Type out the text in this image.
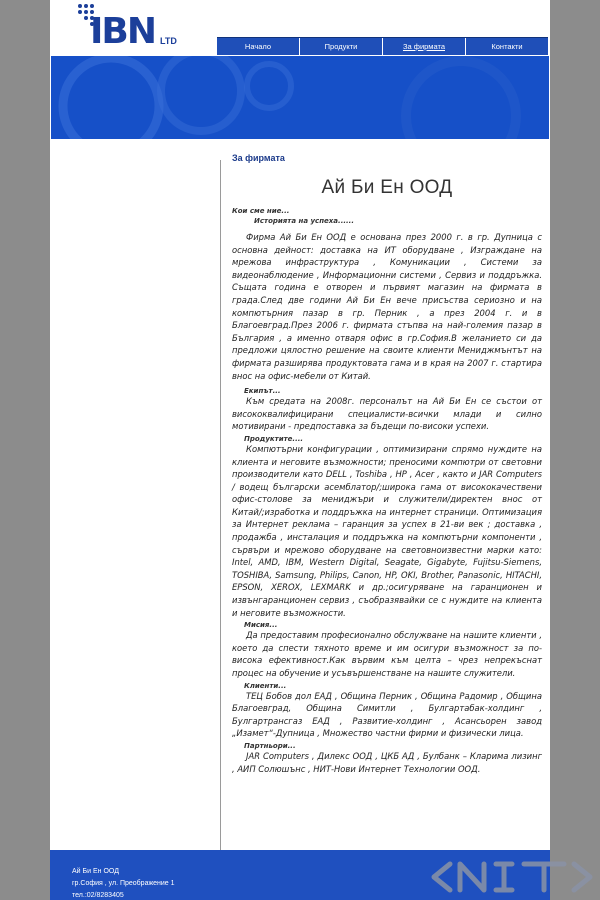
IBN LTD
Начало	Продукти	За фирмата	Контакти
За фирмата
Ай Би Ен ООД
Кои сме ние...
Историята на успеха......

Фирма Ай Би Ен ООД е основана през 2000 г. в гр. Дупница с основна дейност: доставка на ИТ оборудване , Изграждане на мрежова инфраструктура , Комуникации , Системи за видеонаблюдение , Информационни системи , Сервиз и поддръжка. Същата година е отворен и първият магазин на фирмата в града.След две години Ай Би Ен вече присъства сериозно и на компютърния пазар в гр. Перник , а през 2004 г. и в Благоевград.През 2006 г. фирмата стъпва на най-големия пазар в България , а именно отваря офис в гр.София.В желанието си да предложи цялостно решение на своите клиенти Мениджмънтът на фирмата разширява продуктовата гама и в края на 2007 г. стартира внос на офис-мебели от Китай.

Екипът...

Към средата на 2008г. персоналът на Ай Би Ен се състои от висококвалифицирани специалисти-всички млади и силно мотивирани - предпоставка за бъдещи по-високи успехи.

Продуктите....

Компютърни конфигурации , оптимизирани спрямо нуждите на клиента и неговите възможности; преносими компютри от световни производители като DELL , Toshiba , HP , Acer , както и JAR Computers / водещ български асемблатор/;широка гама от висококачествени офис-столове за мениджъри и служители/директен внос от Китай/;изработка и поддръжка на интернет страници. Оптимизация за Интернет реклама – гаранция за успех в 21-ви век ; доставка , продажба , инсталация и поддръжка на компютърни компоненти , сървъри и мрежово оборудване на световноизвестни марки като: Intel, AMD, IBM, Western Digital, Seagate, Gigabyte, Fujitsu-Siemens, TOSHIBA, Samsung, Philips, Canon, HP, OKI, Brother, Panasonic, HITACHI, EPSON, XEROX, LEXMARK и др.;осигуряване на гаранционен и извънгаранционен сервиз , съобразявайки се с нуждите на клиента и неговите възможности.

Мисия...

Да предоставим професионално обслужване на нашите клиенти , което да спести тяхното време и им осигури възможност за по-висока ефективност.Как вървим към целта – чрез непрекъснат процес на обучение и усъвършенстване на нашите служители.

Клиенти...

ТЕЦ Бобов дол ЕАД , Община Перник , Община Радомир , Община Благоевград, Община Симитли , Булгартабак-холдинг , Булгартрансгаз ЕАД , Развитие-холдинг , Асансьорен завод „Изамет“-Дупница , Множество частни фирми и физически лица.

Партньори...

JAR Computers , Дилекс ООД , ЦКБ АД , Булбанк – Кларима лизинг , АИП Солюшънс , НИТ-Нови Интернет Технологии ООД.

Ай Би Ен ООД
гр.София , ул. Преображение 1
тел.:02/8283405
